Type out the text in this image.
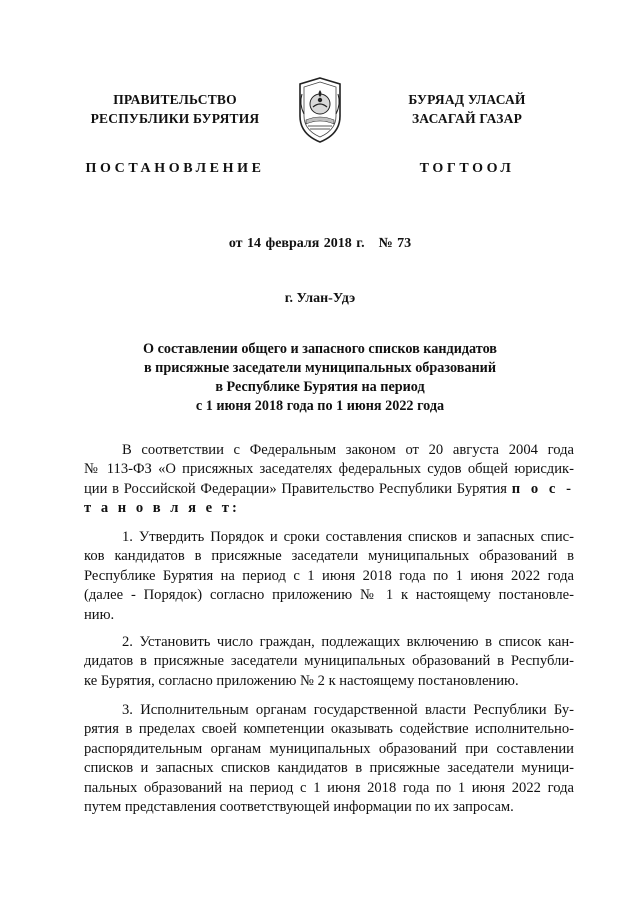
ПРАВИТЕЛЬСТВО
РЕСПУБЛИКИ БУРЯТИЯ
ПОСТАНОВЛЕНИЕ
БУРЯАД УЛАСАЙ
ЗАСАГАЙ ГАЗАР
ТОГТООЛ
от 14 февраля 2018 г. № 73
г. Улан-Удэ
О составлении общего и запасного списков кандидатов
в присяжные заседатели муниципальных образований
в Республике Бурятия на период
с 1 июня 2018 года по 1 июня 2022 года
В соответствии с Федеральным законом от 20 августа 2004 года
№ 113-ФЗ «О присяжных заседателях федеральных судов общей юрисдик-
ции в Российской Федерации» Правительство Республики Бурятия п о с -
т а н о в л я е т:
1. Утвердить Порядок и сроки составления списков и запасных спис-
ков кандидатов в присяжные заседатели муниципальных образований в
Республике Бурятия на период с 1 июня 2018 года по 1 июня 2022 года
(далее - Порядок) согласно приложению № 1 к настоящему постановле-
нию.
2. Установить число граждан, подлежащих включению в список кан-
дидатов в присяжные заседатели муниципальных образований в Республи-
ке Бурятия, согласно приложению № 2 к настоящему постановлению.
3. Исполнительным органам государственной власти Республики Бу-
рятия в пределах своей компетенции оказывать содействие исполнительно-
распорядительным органам муниципальных образований при составлении
списков и запасных списков кандидатов в присяжные заседатели муници-
пальных образований на период с 1 июня 2018 года по 1 июня 2022 года
путем представления соответствующей информации по их запросам.
